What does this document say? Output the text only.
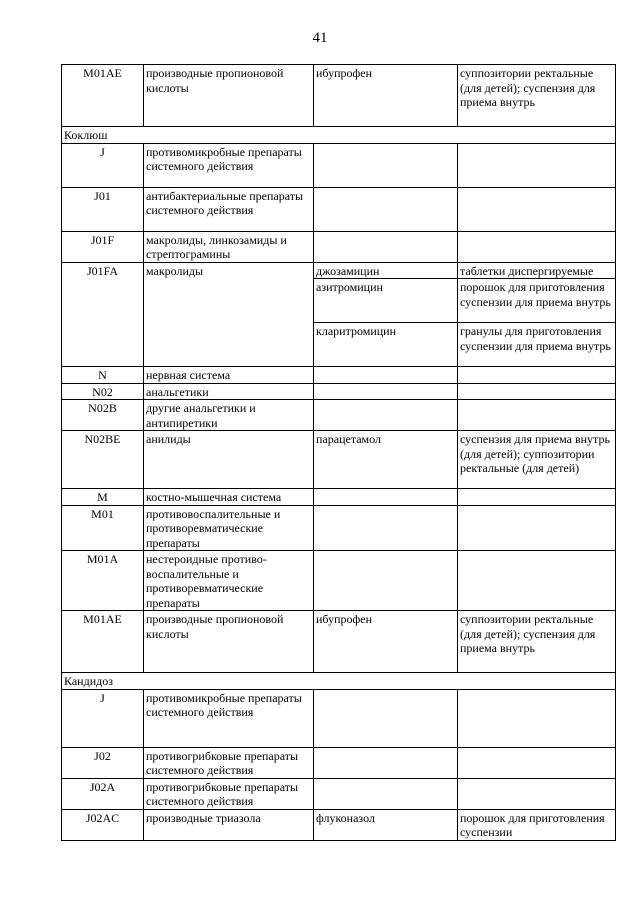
41
M01AE	производные пропионовой кислоты	ибупрофен	суппозитории ректальные (для детей); суспензия для приема внутрь
Коклюш			
J	противомикробные препараты системного действия		
J01	антибактериальные препараты системного действия		
J01F	макролиды, линкозамиды и стрептограмины		
J01FA	макролиды	джозамицин	таблетки диспергируемые
		азитромицин	порошок для приготовления суспензии для приема внутрь
		кларитромицин	гранулы для приготовления суспензии для приема внутрь
N	нервная система		
N02	анальгетики		
N02B	другие анальгетики и антипиретики		
N02BE	анилиды	парацетамол	суспензия для приема внутрь (для детей); суппозитории ректальные (для детей)
M	костно-мышечная система		
M01	противовоспалительные и противоревматические препараты		
M01A	нестероидные противо-воспалительные и противоревматические препараты		
M01AE	производные пропионовой кислоты	ибупрофен	суппозитории ректальные (для детей); суспензия для приема внутрь
Кандидоз			
J	противомикробные препараты системного действия		
J02	противогрибковые препараты системного действия		
J02A	противогрибковые препараты системного действия		
J02AC	производные триазола	флуконазол	порошок для приготовления суспензии
